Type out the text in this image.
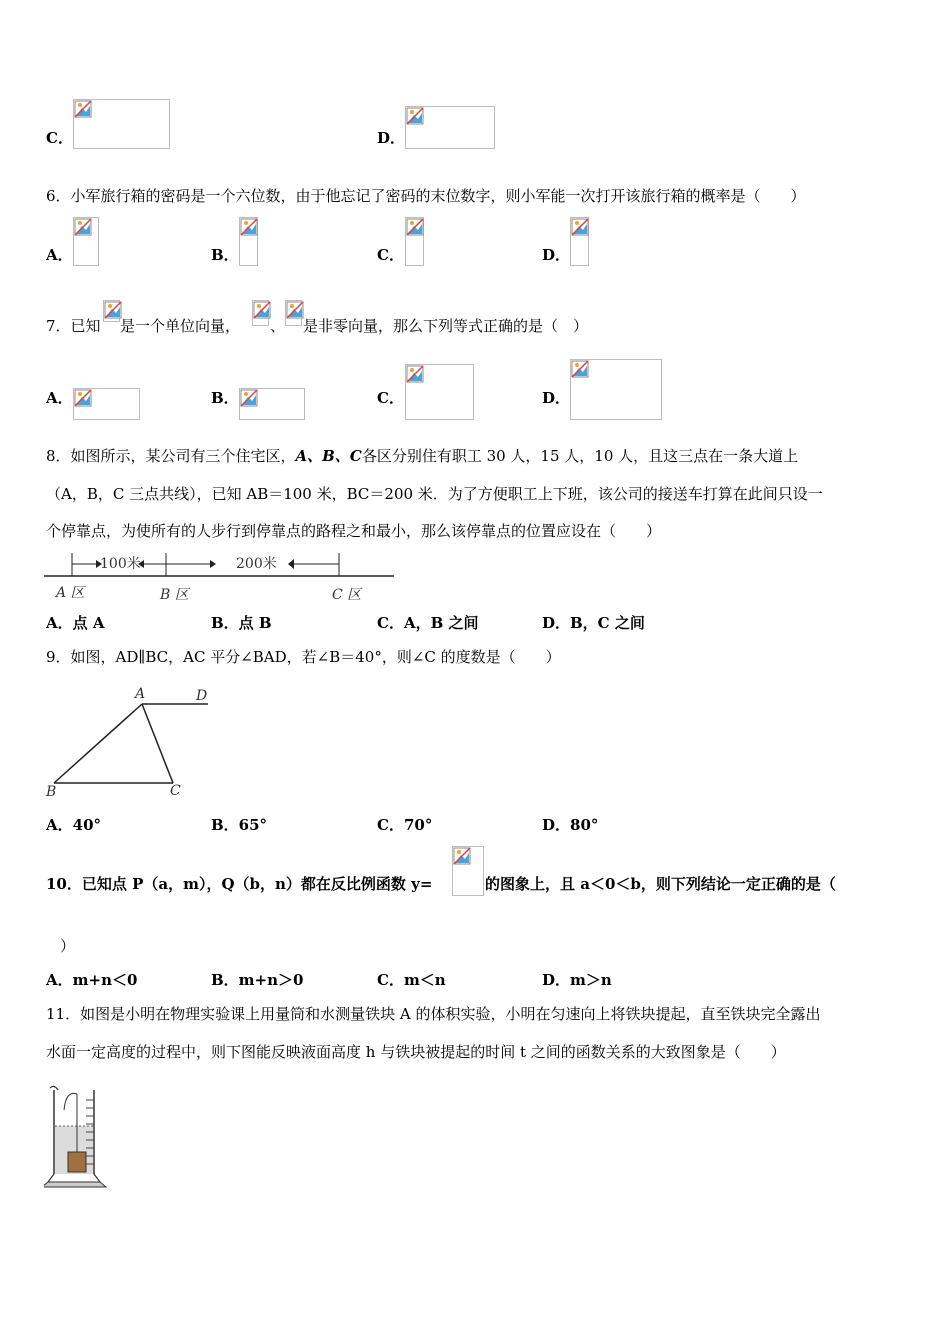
C．	D．
6．小军旅行箱的密码是一个六位数，由于他忘记了密码的末位数字，则小军能一次打开该旅行箱的概率是（　　）
A．	B．	C．	D．
7．已知 是一个单位向量， 、 是非零向量，那么下列等式正确的是（　）
A．	B．	C．	D．
8．如图所示，某公司有三个住宅区，A、B、C各区分别住有职工 30 人，15 人，10 人，且这三点在一条大道上
（A，B，C 三点共线），已知 AB＝100 米，BC＝200 米．为了方便职工上下班，该公司的接送车打算在此间只设一
个停靠点，为使所有的人步行到停靠点的路程之和最小，那么该停靠点的位置应设在（　　）
100米	200米
A 区	B 区	C 区
A．点 A	B．点 B	C．A，B 之间	D．B，C 之间
9．如图，AD∥BC，AC 平分∠BAD，若∠B＝40°，则∠C 的度数是（　　）
A	D
B	C
A．40°	B．65°	C．70°	D．80°
10．已知点 P（a，m），Q（b，n）都在反比例函数 y=	的图象上，且 a＜0＜b，则下列结论一定正确的是（
）
A．m+n＜0	B．m+n＞0	C．m＜n	D．m＞n
11．如图是小明在物理实验课上用量筒和水测量铁块 A 的体积实验，小明在匀速向上将铁块提起，直至铁块完全露出
水面一定高度的过程中，则下图能反映液面高度 h 与铁块被提起的时间 t 之间的函数关系的大致图象是（　　）
